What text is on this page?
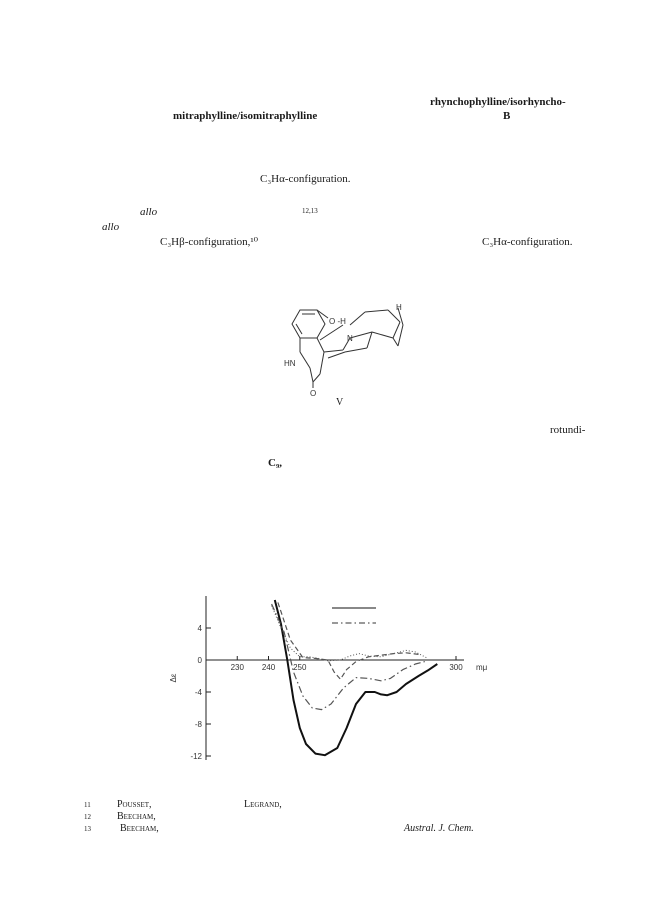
rhynchophylline/isorhyncho-
mitraphylline/isomitraphylline	B
C₃Hα-configuration.
allo	12,13
allo
C₃Hβ-configuration,¹⁰	C₃Hα-configuration.
O -H
N
H
HN
O
V
rotundi-
C₉,
4
0
-4
-8
-12
230 240 250	300 mμ
Δε
11	Pousset,	Legrand,
12	Beecham,
13	Beecham,	Austral. J. Chem.
